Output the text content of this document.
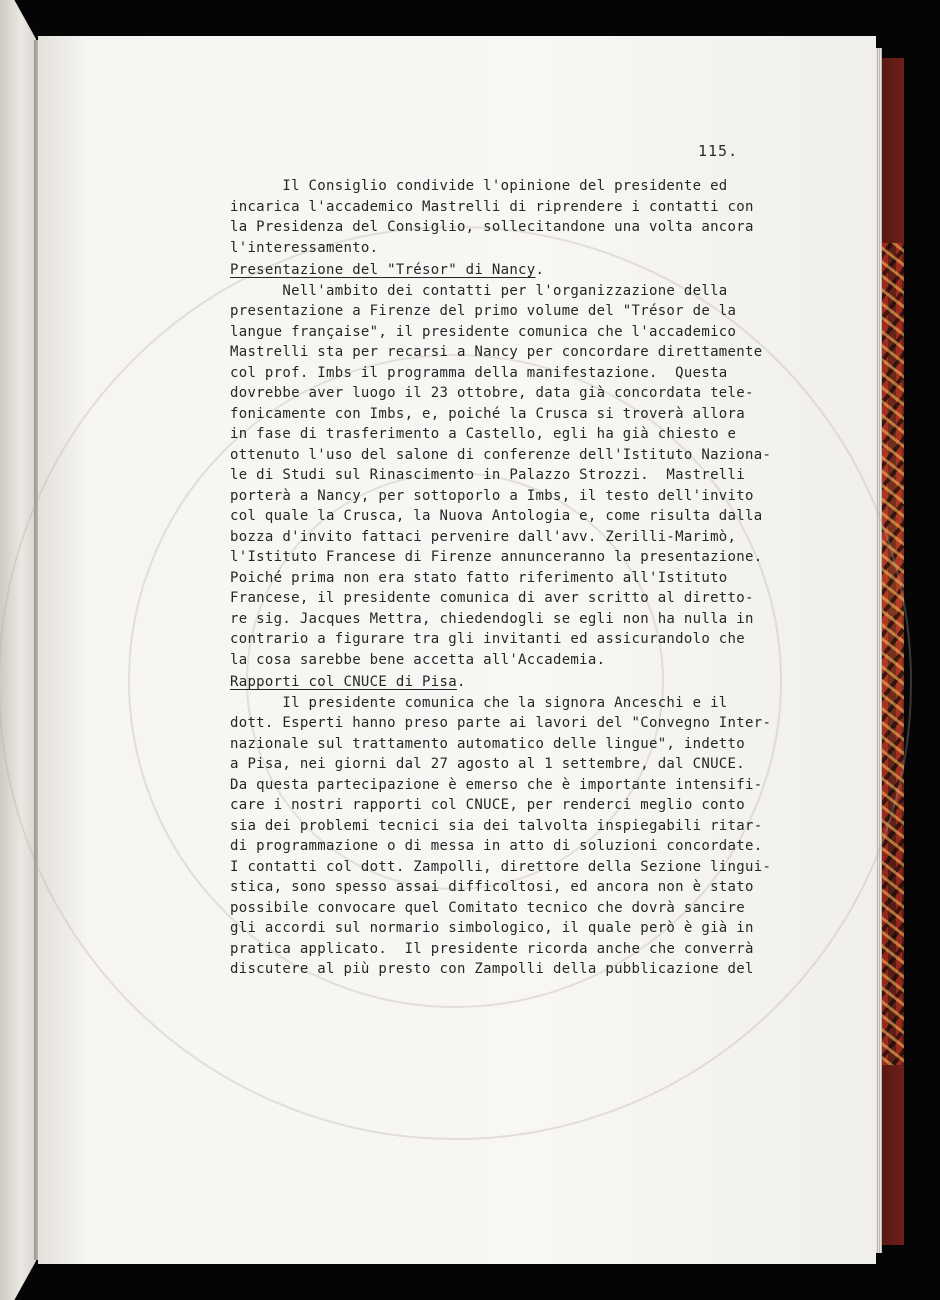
115.

Il Consiglio condivide l'opinione del presidente ed

incarica l'accademico Mastrelli di riprendere i contatti con

la Presidenza del Consiglio, sollecitandone una volta ancora

l'interessamento.

Presentazione del "Trésor" di Nancy.

Nell'ambito dei contatti per l'organizzazione della

presentazione a Firenze del primo volume del "Trésor de la

langue française", il presidente comunica che l'accademico

Mastrelli sta per recarsi a Nancy per concordare direttamente

col prof. Imbs il programma della manifestazione.  Questa

dovrebbe aver luogo il 23 ottobre, data già concordata tele-

fonicamente con Imbs, e, poiché la Crusca si troverà allora

in fase di trasferimento a Castello, egli ha già chiesto e

ottenuto l'uso del salone di conferenze dell'Istituto Naziona-

le di Studi sul Rinascimento in Palazzo Strozzi.  Mastrelli

porterà a Nancy, per sottoporlo a Imbs, il testo dell'invito

col quale la Crusca, la Nuova Antologia e, come risulta dalla

bozza d'invito fattaci pervenire dall'avv. Zerilli-Marimò,

l'Istituto Francese di Firenze annunceranno la presentazione.

Poiché prima non era stato fatto riferimento all'Istituto

Francese, il presidente comunica di aver scritto al diretto-

re sig. Jacques Mettra, chiedendogli se egli non ha nulla in

contrario a figurare tra gli invitanti ed assicurandolo che

la cosa sarebbe bene accetta all'Accademia.

Rapporti col CNUCE di Pisa.

Il presidente comunica che la signora Anceschi e il

dott. Esperti hanno preso parte ai lavori del "Convegno Inter-

nazionale sul trattamento automatico delle lingue", indetto

a Pisa, nei giorni dal 27 agosto al 1 settembre, dal CNUCE.

Da questa partecipazione è emerso che è importante intensifi-

care i nostri rapporti col CNUCE, per renderci meglio conto

sia dei problemi tecnici sia dei talvolta inspiegabili ritar-

di programmazione o di messa in atto di soluzioni concordate.

I contatti col dott. Zampolli, direttore della Sezione lingui-

stica, sono spesso assai difficoltosi, ed ancora non è stato

possibile convocare quel Comitato tecnico che dovrà sancire

gli accordi sul normario simbologico, il quale però è già in

pratica applicato.  Il presidente ricorda anche che converrà

discutere al più presto con Zampolli della pubblicazione del
